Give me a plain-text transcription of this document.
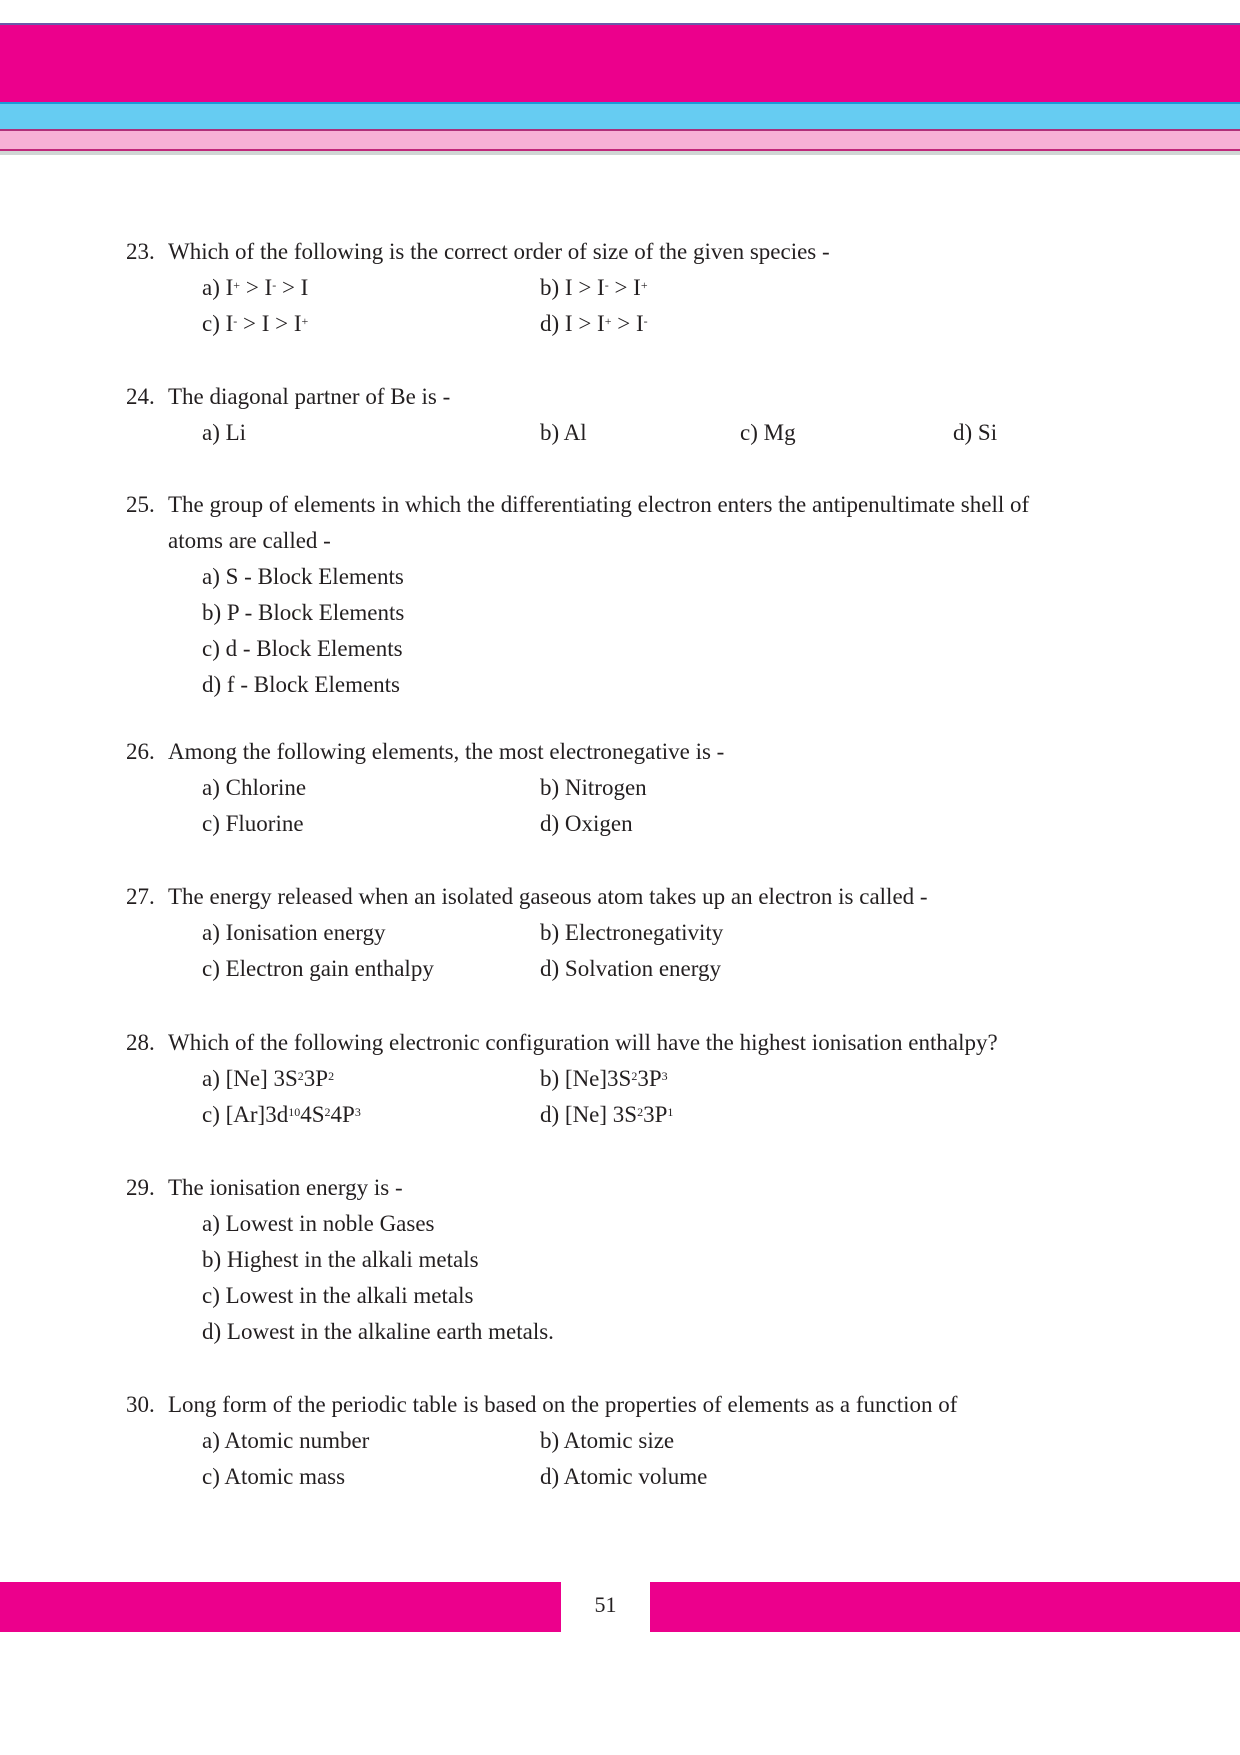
23. Which of the following is the correct order of size of the given species -
a) I+ > I- > I	b) I > I- > I+
c) I- > I > I+	d) I > I+ > I-
24. The diagonal partner of Be is -
a) Li	b) Al	c) Mg	d) Si
25. The group of elements in which the differentiating electron enters the antipenultimate shell of
atoms are called -
a) S - Block Elements
b) P - Block Elements
c) d - Block Elements
d) f - Block Elements
26. Among the following elements, the most electronegative is -
a) Chlorine	b) Nitrogen
c) Fluorine	d) Oxigen
27. The energy released when an isolated gaseous atom takes up an electron is called -
a) Ionisation energy	b) Electronegativity
c) Electron gain enthalpy	d) Solvation energy
28. Which of the following electronic configuration will have the highest ionisation enthalpy?
a) [Ne] $3S^23P^2$	b) $[Ne]3S^23P^3$
c) $[Ar]3d^{10}4S^24P^3$	d) [Ne] $3S^23P^1$
29. The ionisation energy is -
a) Lowest in noble Gases
b) Highest in the alkali metals
c) Lowest in the alkali metals
d) Lowest in the alkaline earth metals.
30. Long form of the periodic table is based on the properties of elements as a function of
a) Atomic number	b) Atomic size
c) Atomic mass	d) Atomic volume
51
